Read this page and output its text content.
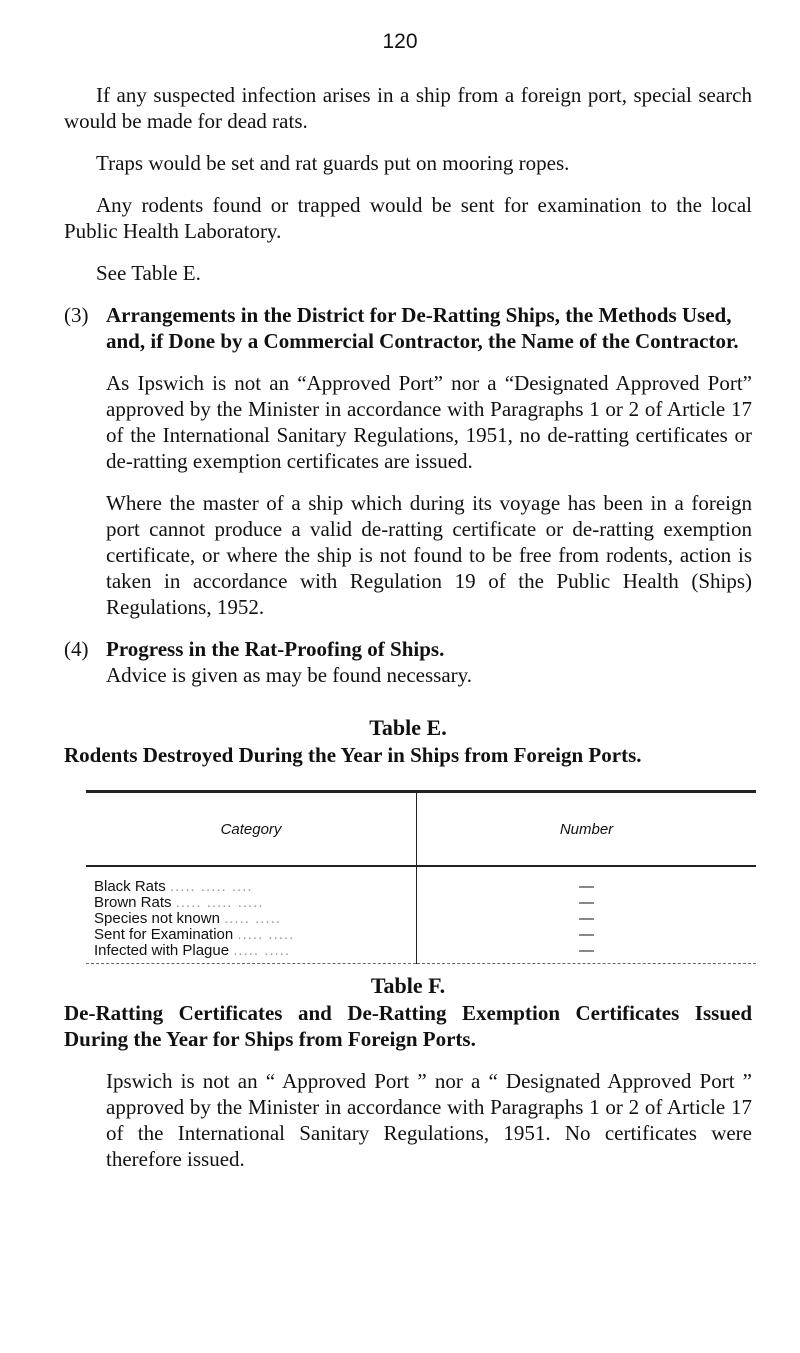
120

If any suspected infection arises in a ship from a foreign port, special search would be made for dead rats.

Traps would be set and rat guards put on mooring ropes.

Any rodents found or trapped would be sent for examination to the local Public Health Laboratory.

See Table E.

(3) Arrangements in the District for De-Ratting Ships, the Methods Used, and, if Done by a Commercial Contractor, the Name of the Contractor.

As Ipswich is not an “Approved Port” nor a “Designated Approved Port” approved by the Minister in accordance with Paragraphs 1 or 2 of Article 17 of the International Sanitary Regulations, 1951, no de-ratting certificates or de-ratting exemption certificates are issued.

Where the master of a ship which during its voyage has been in a foreign port cannot produce a valid de-ratting certificate or de-ratting exemption certificate, or where the ship is not found to be free from rodents, action is taken in accordance with Regulation 19 of the Public Health (Ships) Regulations, 1952.

(4) Progress in the Rat-Proofing of Ships.

Advice is given as may be found necessary.

Table E.

Rodents Destroyed During the Year in Ships from Foreign Ports.

Category	Number
Black Rats ..... ..... ....	—
Brown Rats ..... ..... .....	—
Species not known ..... .....	—
Sent for Examination ..... .....	—
Infected with Plague ..... .....	—
Table F.

De-Ratting Certificates and De-Ratting Exemption Certificates Issued During the Year for Ships from Foreign Ports.

Ipswich is not an “ Approved Port ” nor a “ Designated Approved Port ” approved by the Minister in accordance with Paragraphs 1 or 2 of Article 17 of the International Sanitary Regulations, 1951. No certificates were therefore issued.
